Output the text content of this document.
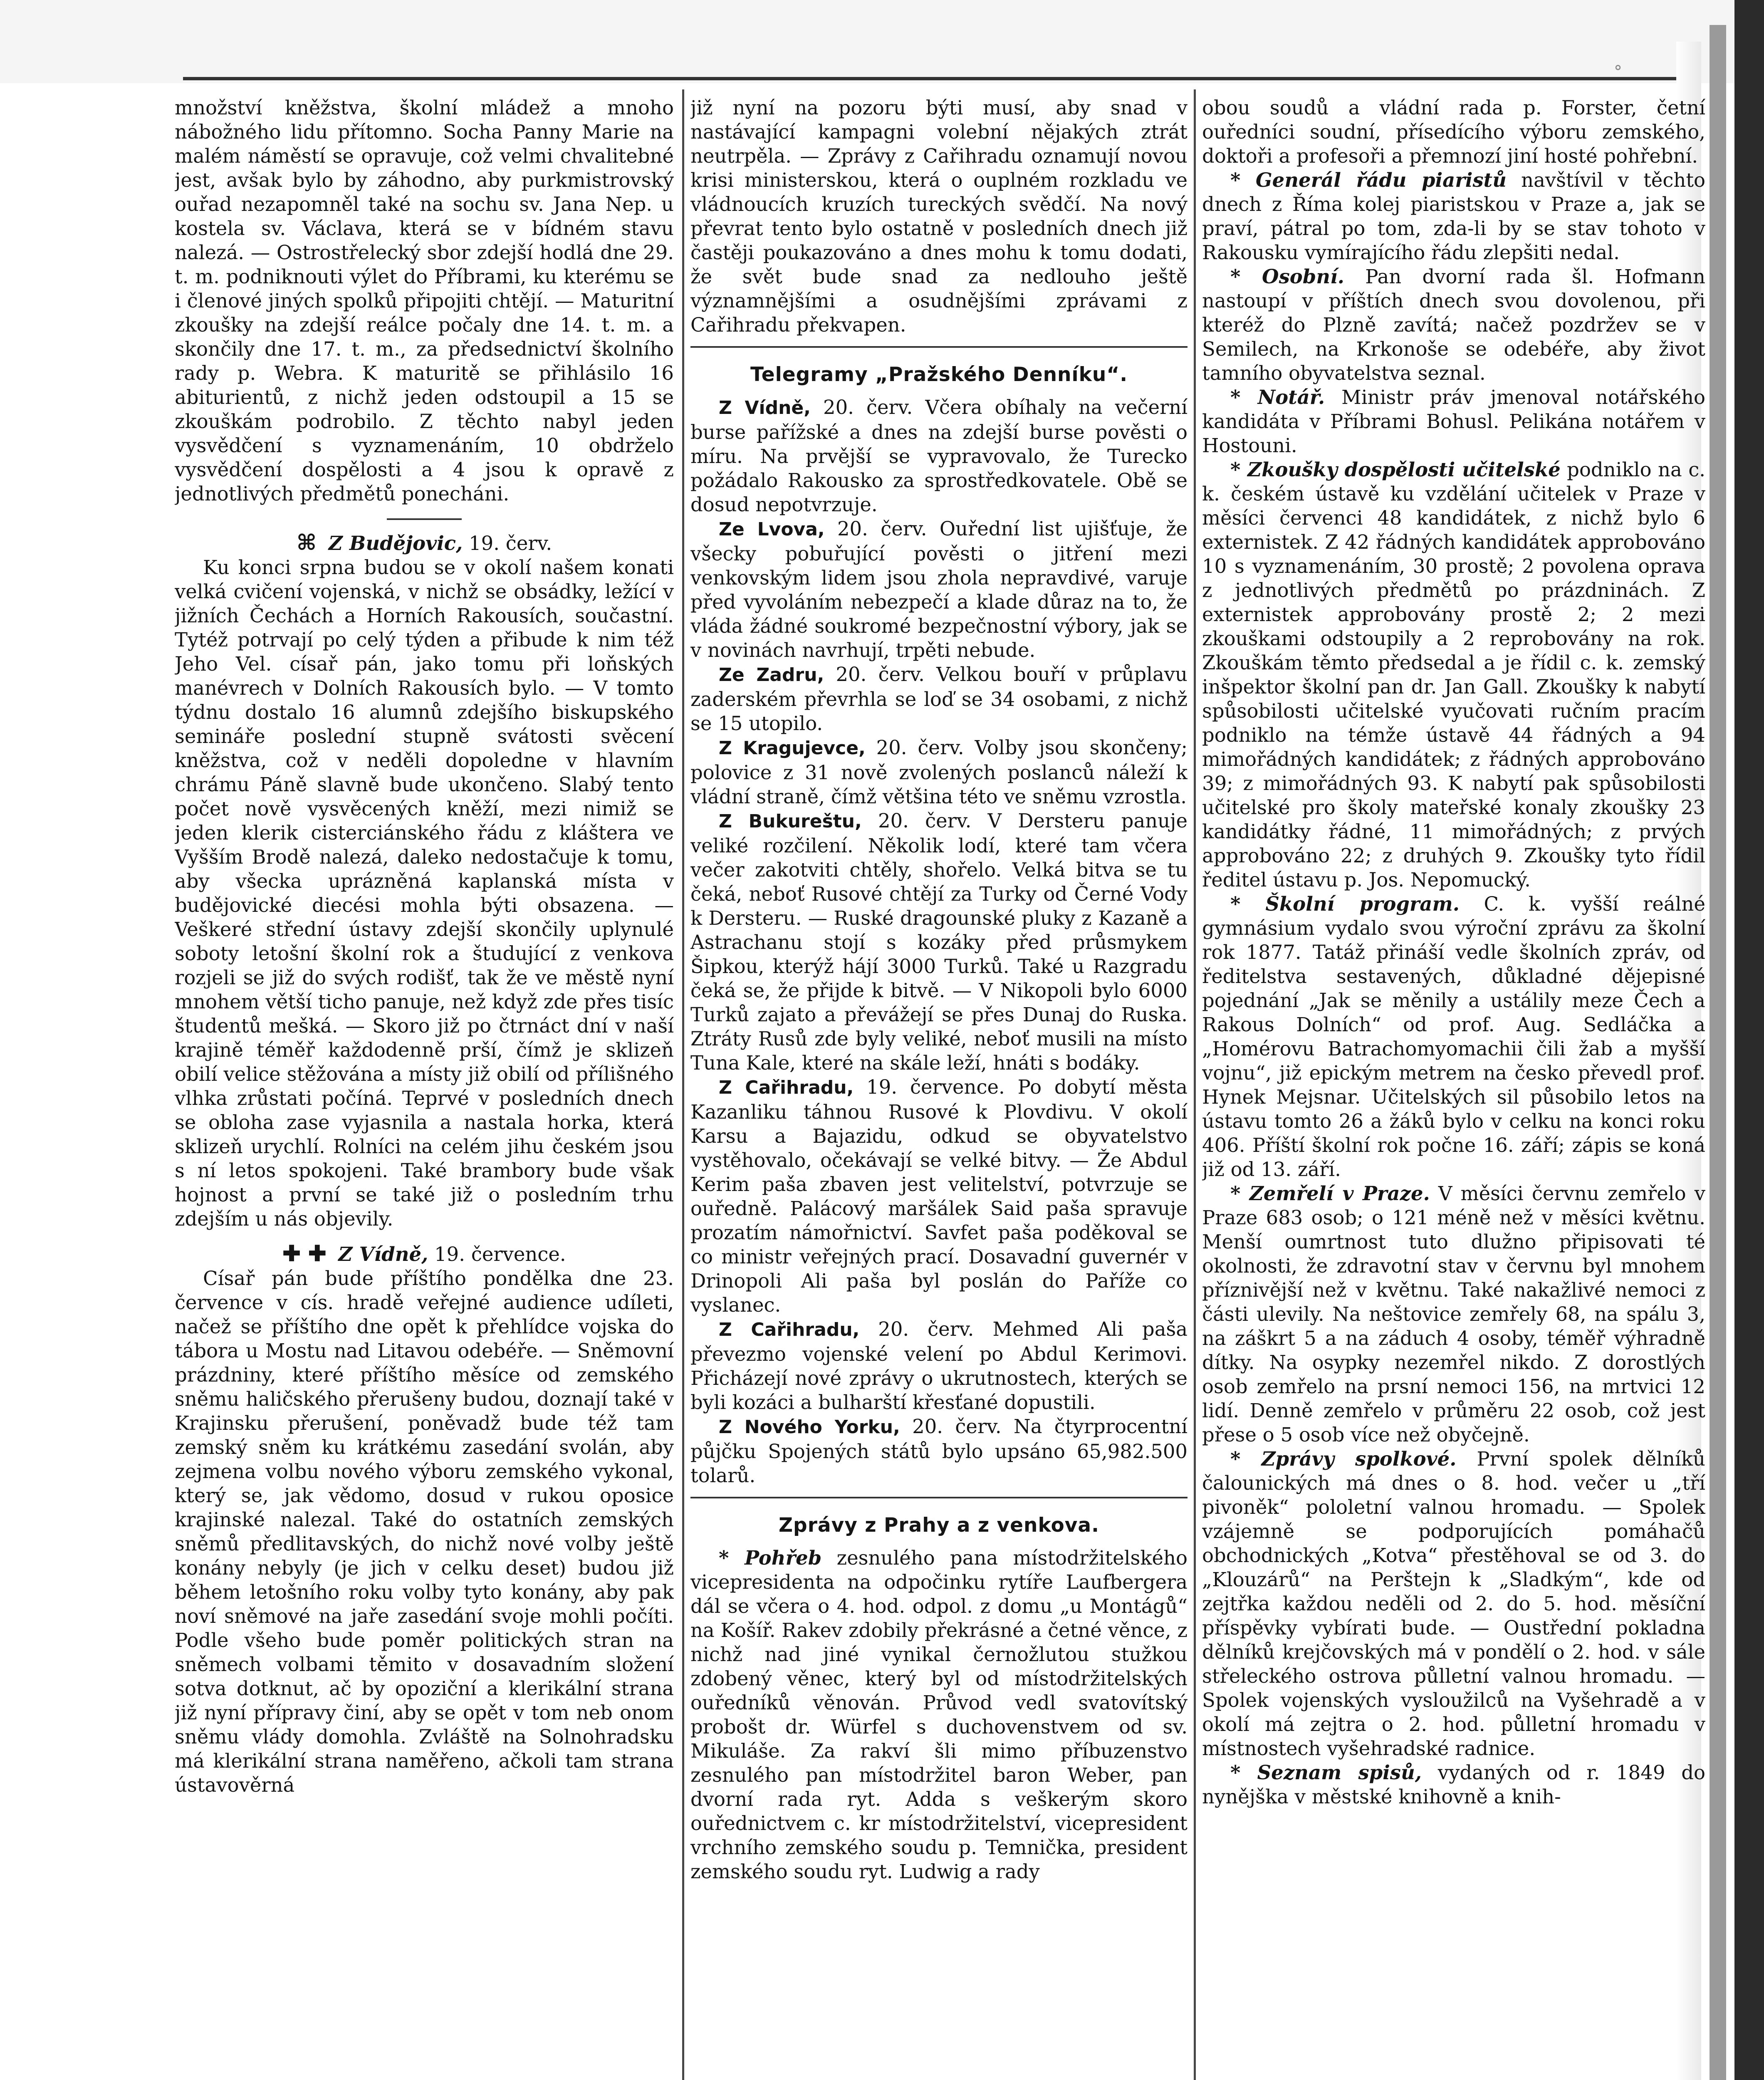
množství kněžstva, školní mládež a mnoho nábožného lidu přítomno. Socha Panny Marie na malém náměstí se opravuje, což velmi chvalitebné jest, avšak bylo by záhodno, aby purkmistrovský ouřad nezapomněl také na sochu sv. Jana Nep. u kostela sv. Václava, která se v bídném stavu nalezá. — Ostrostřelecký sbor zdejší hodlá dne 29. t. m. podniknouti výlet do Příbrami, ku kterému se i členové jiných spolků připojiti chtějí. — Maturitní zkoušky na zdejší reálce počaly dne 14. t. m. a skončily dne 17. t. m., za předsednictví školního rady p. Webra. K maturitě se přihlásilo 16 abiturientů, z nichž jeden odstoupil a 15 se zkouškám podrobilo. Z těchto nabyl jeden vysvědčení s vyznamenáním, 10 obdrželo vysvědčení dospělosti a 4 jsou k opravě z jednotlivých předmětů ponecháni.

⌘ Z Budějovic, 19. červ.

Ku konci srpna budou se v okolí našem konati velká cvičení vojenská, v nichž se obsádky, ležící v jižních Čechách a Horních Rakousích, součastní. Tytéž potrvají po celý týden a přibude k nim též Jeho Vel. císař pán, jako tomu při loňských manévrech v Dolních Rakousích bylo. — V tomto týdnu dostalo 16 alumnů zdejšího biskupského semináře poslední stupně svátosti svěcení kněžstva, což v neděli dopoledne v hlavním chrámu Páně slavně bude ukončeno. Slabý tento počet nově vysvěcených kněží, mezi nimiž se jeden klerik cisterciánského řádu z kláštera ve Vyšším Brodě nalezá, daleko nedostačuje k tomu, aby všecka uprázněná kaplanská místa v budějovické diecési mohla býti obsazena. — Veškeré střední ústavy zdejší skončily uplynulé soboty letošní školní rok a študující z venkova rozjeli se již do svých rodišť, tak že ve městě nyní mnohem větší ticho panuje, než když zde přes tisíc študentů mešká. — Skoro již po čtrnáct dní v naší krajině téměř každodenně prší, čímž je sklizeň obilí velice stěžována a místy již obilí od přílišného vlhka zrůstati počíná. Teprvé v posledních dnech se obloha zase vyjasnila a nastala horka, která sklizeň urychlí. Rolníci na celém jihu českém jsou s ní letos spokojeni. Také brambory bude však hojnost a první se také již o posledním trhu zdejším u nás objevily.

✚ ✚ Z Vídně, 19. července.

Císař pán bude příštího pondělka dne 23. července v cís. hradě veřejné audience udíleti, načež se příštího dne opět k přehlídce vojska do tábora u Mostu nad Litavou odebéře. — Sněmovní prázdniny, které příštího měsíce od zemského sněmu haličského přerušeny budou, doznají také v Krajinsku přerušení, poněvadž bude též tam zemský sněm ku krátkému zasedání svolán, aby zejmena volbu nového výboru zemského vykonal, který se, jak vědomo, dosud v rukou oposice krajinské nalezal. Také do ostatních zemských sněmů předlitavských, do nichž nové volby ještě konány nebyly (je jich v celku deset) budou již během letošního roku volby tyto konány, aby pak noví sněmové na jaře zasedání svoje mohli počíti. Podle všeho bude poměr politických stran na sněmech volbami těmito v dosavadním složení sotva dotknut, ač by opoziční a klerikální strana již nyní přípravy činí, aby se opět v tom neb onom sněmu vlády domohla. Zvláště na Solnohradsku má klerikální strana naměřeno, ačkoli tam strana ústavověrná

již nyní na pozoru býti musí, aby snad v nastávající kampagni volební nějakých ztrát neutrpěla. — Zprávy z Cařihradu oznamují novou krisi ministerskou, která o ouplném rozkladu ve vládnoucích kruzích tureckých svědčí. Na nový převrat tento bylo ostatně v posledních dnech již častěji poukazováno a dnes mohu k tomu dodati, že svět bude snad za nedlouho ještě významnějšími a osudnějšími zprávami z Cařihradu překvapen.

Telegramy „Pražského Denníku“.

Z Vídně, 20. červ. Včera obíhaly na večerní burse pařížské a dnes na zdejší burse pověsti o míru. Na prvější se vypravovalo, že Turecko požádalo Rakousko za sprostředkovatele. Obě se dosud nepotvrzuje.

Ze Lvova, 20. červ. Ouřední list ujišťuje, že všecky pobuřující pověsti o jitření mezi venkovským lidem jsou zhola nepravdivé, varuje před vyvoláním nebezpečí a klade důraz na to, že vláda žádné soukromé bezpečnostní výbory, jak se v novinách navrhují, trpěti nebude.

Ze Zadru, 20. červ. Velkou bouří v průplavu zaderském převrhla se loď se 34 osobami, z nichž se 15 utopilo.

Z Kragujevce, 20. červ. Volby jsou skončeny; polovice z 31 nově zvolených poslanců náleží k vládní straně, čímž většina této ve sněmu vzrostla.

Z Bukureštu, 20. červ. V Dersteru panuje veliké rozčilení. Několik lodí, které tam včera večer zakotviti chtěly, shořelo. Velká bitva se tu čeká, neboť Rusové chtějí za Turky od Černé Vody k Dersteru. — Ruské dragounské pluky z Kazaně a Astrachanu stojí s kozáky před průsmykem Šipkou, kterýž hájí 3000 Turků. Také u Razgradu čeká se, že přijde k bitvě. — V Nikopoli bylo 6000 Turků zajato a převážejí se přes Dunaj do Ruska. Ztráty Rusů zde byly veliké, neboť musili na místo Tuna Kale, které na skále leží, hnáti s bodáky.

Z Cařihradu, 19. července. Po dobytí města Kazanliku táhnou Rusové k Plovdivu. V okolí Karsu a Bajazidu, odkud se obyvatelstvo vystěhovalo, očekávají se velké bitvy. — Že Abdul Kerim paša zbaven jest velitelství, potvrzuje se ouředně. Palácový maršálek Said paša spravuje prozatím námořnictví. Savfet paša poděkoval se co ministr veřejných prací. Dosavadní guvernér v Drinopoli Ali paša byl poslán do Paříže co vyslanec.

Z Cařihradu, 20. červ. Mehmed Ali paša převezmo vojenské velení po Abdul Kerimovi. Přicházejí nové zprávy o ukrutnostech, kterých se byli kozáci a bulharští křesťané dopustili.

Z Nového Yorku, 20. červ. Na čtyrprocentní půjčku Spojených států bylo upsáno 65,982.500 tolarů.

Zprávy z Prahy a z venkova.

* Pohřeb zesnulého pana místodržitelského vicepresidenta na odpočinku rytíře Laufbergera dál se včera o 4. hod. odpol. z domu „u Montágů“ na Košíř. Rakev zdobily překrásné a četné věnce, z nichž nad jiné vynikal černožlutou stužkou zdobený věnec, který byl od místodržitelských ouředníků věnován. Průvod vedl svatovítský probošt dr. Würfel s duchovenstvem od sv. Mikuláše. Za rakví šli mimo příbuzenstvo zesnulého pan místodržitel baron Weber, pan dvorní rada ryt. Adda s veškerým skoro ouřednictvem c. kr místodržitelství, vicepresident vrchního zemského soudu p. Temnička, president zemského soudu ryt. Ludwig a rady

obou soudů a vládní rada p. Forster, četní ouředníci soudní, přísedícího výboru zemského, doktoři a profesoři a přemnozí jiní hosté pohřební.

* Generál řádu piaristů navštívil v těchto dnech z Říma kolej piaristskou v Praze a, jak se praví, pátral po tom, zda-li by se stav tohoto v Rakousku vymírajícího řádu zlepšiti nedal.

* Osobní. Pan dvorní rada šl. Hofmann nastoupí v příštích dnech svou dovolenou, při kteréž do Plzně zavítá; načež pozdržev se v Semilech, na Krkonoše se odebéře, aby život tamního obyvatelstva seznal.

* Notář. Ministr práv jmenoval notářského kandidáta v Příbrami Bohusl. Pelikána notářem v Hostouni.

* Zkoušky dospělosti učitelské podniklo na c. k. českém ústavě ku vzdělání učitelek v Praze v měsíci červenci 48 kandidátek, z nichž bylo 6 externistek. Z 42 řádných kandidátek approbováno 10 s vyznamenáním, 30 prostě; 2 povolena oprava z jednotlivých předmětů po prázdninách. Z externistek approbovány prostě 2; 2 mezi zkouškami odstoupily a 2 reprobovány na rok. Zkouškám těmto předsedal a je řídil c. k. zemský inšpektor školní pan dr. Jan Gall. Zkoušky k nabytí spůsobilosti učitelské vyučovati ručním pracím podniklo na témže ústavě 44 řádných a 94 mimořádných kandidátek; z řádných approbováno 39; z mimořádných 93. K nabytí pak spůsobilosti učitelské pro školy mateřské konaly zkoušky 23 kandidátky řádné, 11 mimořádných; z prvých approbováno 22; z druhých 9. Zkoušky tyto řídil ředitel ústavu p. Jos. Nepomucký.

* Školní program. C. k. vyšší reálné gymnásium vydalo svou výroční zprávu za školní rok 1877. Tatáž přináší vedle školních zpráv, od ředitelstva sestavených, důkladné dějepisné pojednání „Jak se měnily a ustálily meze Čech a Rakous Dolních“ od prof. Aug. Sedláčka a „Homérovu Batrachomyomachii čili žab a myšší vojnu“, již epickým metrem na česko převedl prof. Hynek Mejsnar. Učitelských sil působilo letos na ústavu tomto 26 a žáků bylo v celku na konci roku 406. Příští školní rok počne 16. září; zápis se koná již od 13. září.

* Zemřelí v Praze. V měsíci červnu zemřelo v Praze 683 osob; o 121 méně než v měsíci květnu. Menší oumrtnost tuto dlužno připisovati té okolnosti, že zdravotní stav v červnu byl mnohem příznivější než v květnu. Také nakažlivé nemoci z části ulevily. Na neštovice zemřely 68, na spálu 3, na záškrt 5 a na záduch 4 osoby, téměř výhradně dítky. Na osypky nezemřel nikdo. Z dorostlých osob zemřelo na prsní nemoci 156, na mrtvici 12 lidí. Denně zemřelo v průměru 22 osob, což jest přese o 5 osob více než obyčejně.

* Zprávy spolkové. První spolek dělníků čalounických má dnes o 8. hod. večer u „tří pivoněk“ pololetní valnou hromadu. — Spolek vzájemně se podporujících pomáhačů obchodnických „Kotva“ přestěhoval se od 3. do „Klouzárů“ na Perštejn k „Sladkým“, kde od zejtřka každou neděli od 2. do 5. hod. měsíční příspěvky vybírati bude. — Oustřední pokladna dělníků krejčovských má v pondělí o 2. hod. v sále střeleckého ostrova půlletní valnou hromadu. — Spolek vojenských vysloužilců na Vyšehradě a v okolí má zejtra o 2. hod. půlletní hromadu v místnostech vyšehradské radnice.

* Seznam spisů, vydaných od r. 1849 do nynějška v městské knihovně a knih-

°
